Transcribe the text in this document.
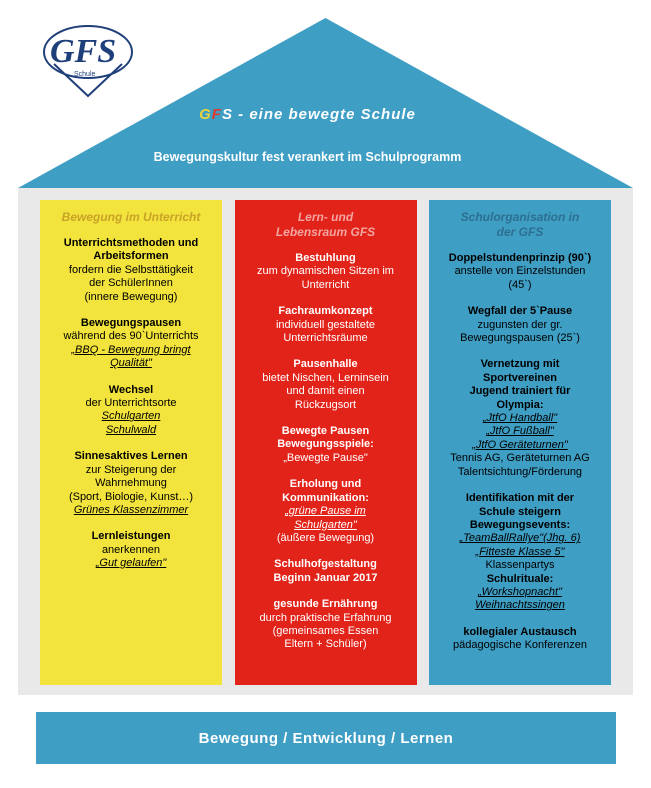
GFS - eine bewegte Schule
Bewegungskultur fest verankert im Schulprogramm
GFS
Schule
Bewegung im Unterricht
Unterrichtsmethoden und
Arbeitsformen
fordern die Selbsttätigkeit
der SchülerInnen
(innere Bewegung)
Bewegungspausen
während des 90`Unterrichts
„BBQ - Bewegung bringt
Qualität"
Wechsel
der Unterrichtsorte
Schulgarten
Schulwald
Sinnesaktives Lernen
zur Steigerung der
Wahrnehmung
(Sport, Biologie, Kunst…)
Grünes Klassenzimmer
Lernleistungen
anerkennen
„Gut gelaufen"
Lern- und
Lebensraum GFS
Bestuhlung
zum dynamischen Sitzen im
Unterricht
Fachraumkonzept
individuell gestaltete
Unterrichtsräume
Pausenhalle
bietet Nischen, Lerninsein
und damit einen
Rückzugsort
Bewegte Pausen
Bewegungsspiele:
„Bewegte Pause"
Erholung und
Kommunikation:
„grüne Pause im
Schulgarten"
(äußere Bewegung)
Schulhofgestaltung
Beginn Januar 2017
gesunde Ernährung
durch praktische Erfahrung
(gemeinsames Essen
Eltern + Schüler)
Schulorganisation in
der GFS
Doppelstundenprinzip (90`)
anstelle von Einzelstunden
(45`)
Wegfall der 5`Pause
zugunsten der gr.
Bewegungspausen (25`)
Vernetzung mit
Sportvereinen
Jugend trainiert für
Olympia:
„JtfO Handball"
„JtfO Fußball"
„JtfO Geräteturnen"
Tennis AG, Geräteturnen AG
Talentsichtung/Förderung
Identifikation mit der
Schule steigern
Bewegungsevents:
„TeamBallRallye"(Jhg. 6)
„Fitteste Klasse 5"
Klassenpartys
Schulrituale:
„Workshopnacht"
Weihnachtssingen
kollegialer Austausch
pädagogische Konferenzen
Bewegung / Entwicklung / Lernen
